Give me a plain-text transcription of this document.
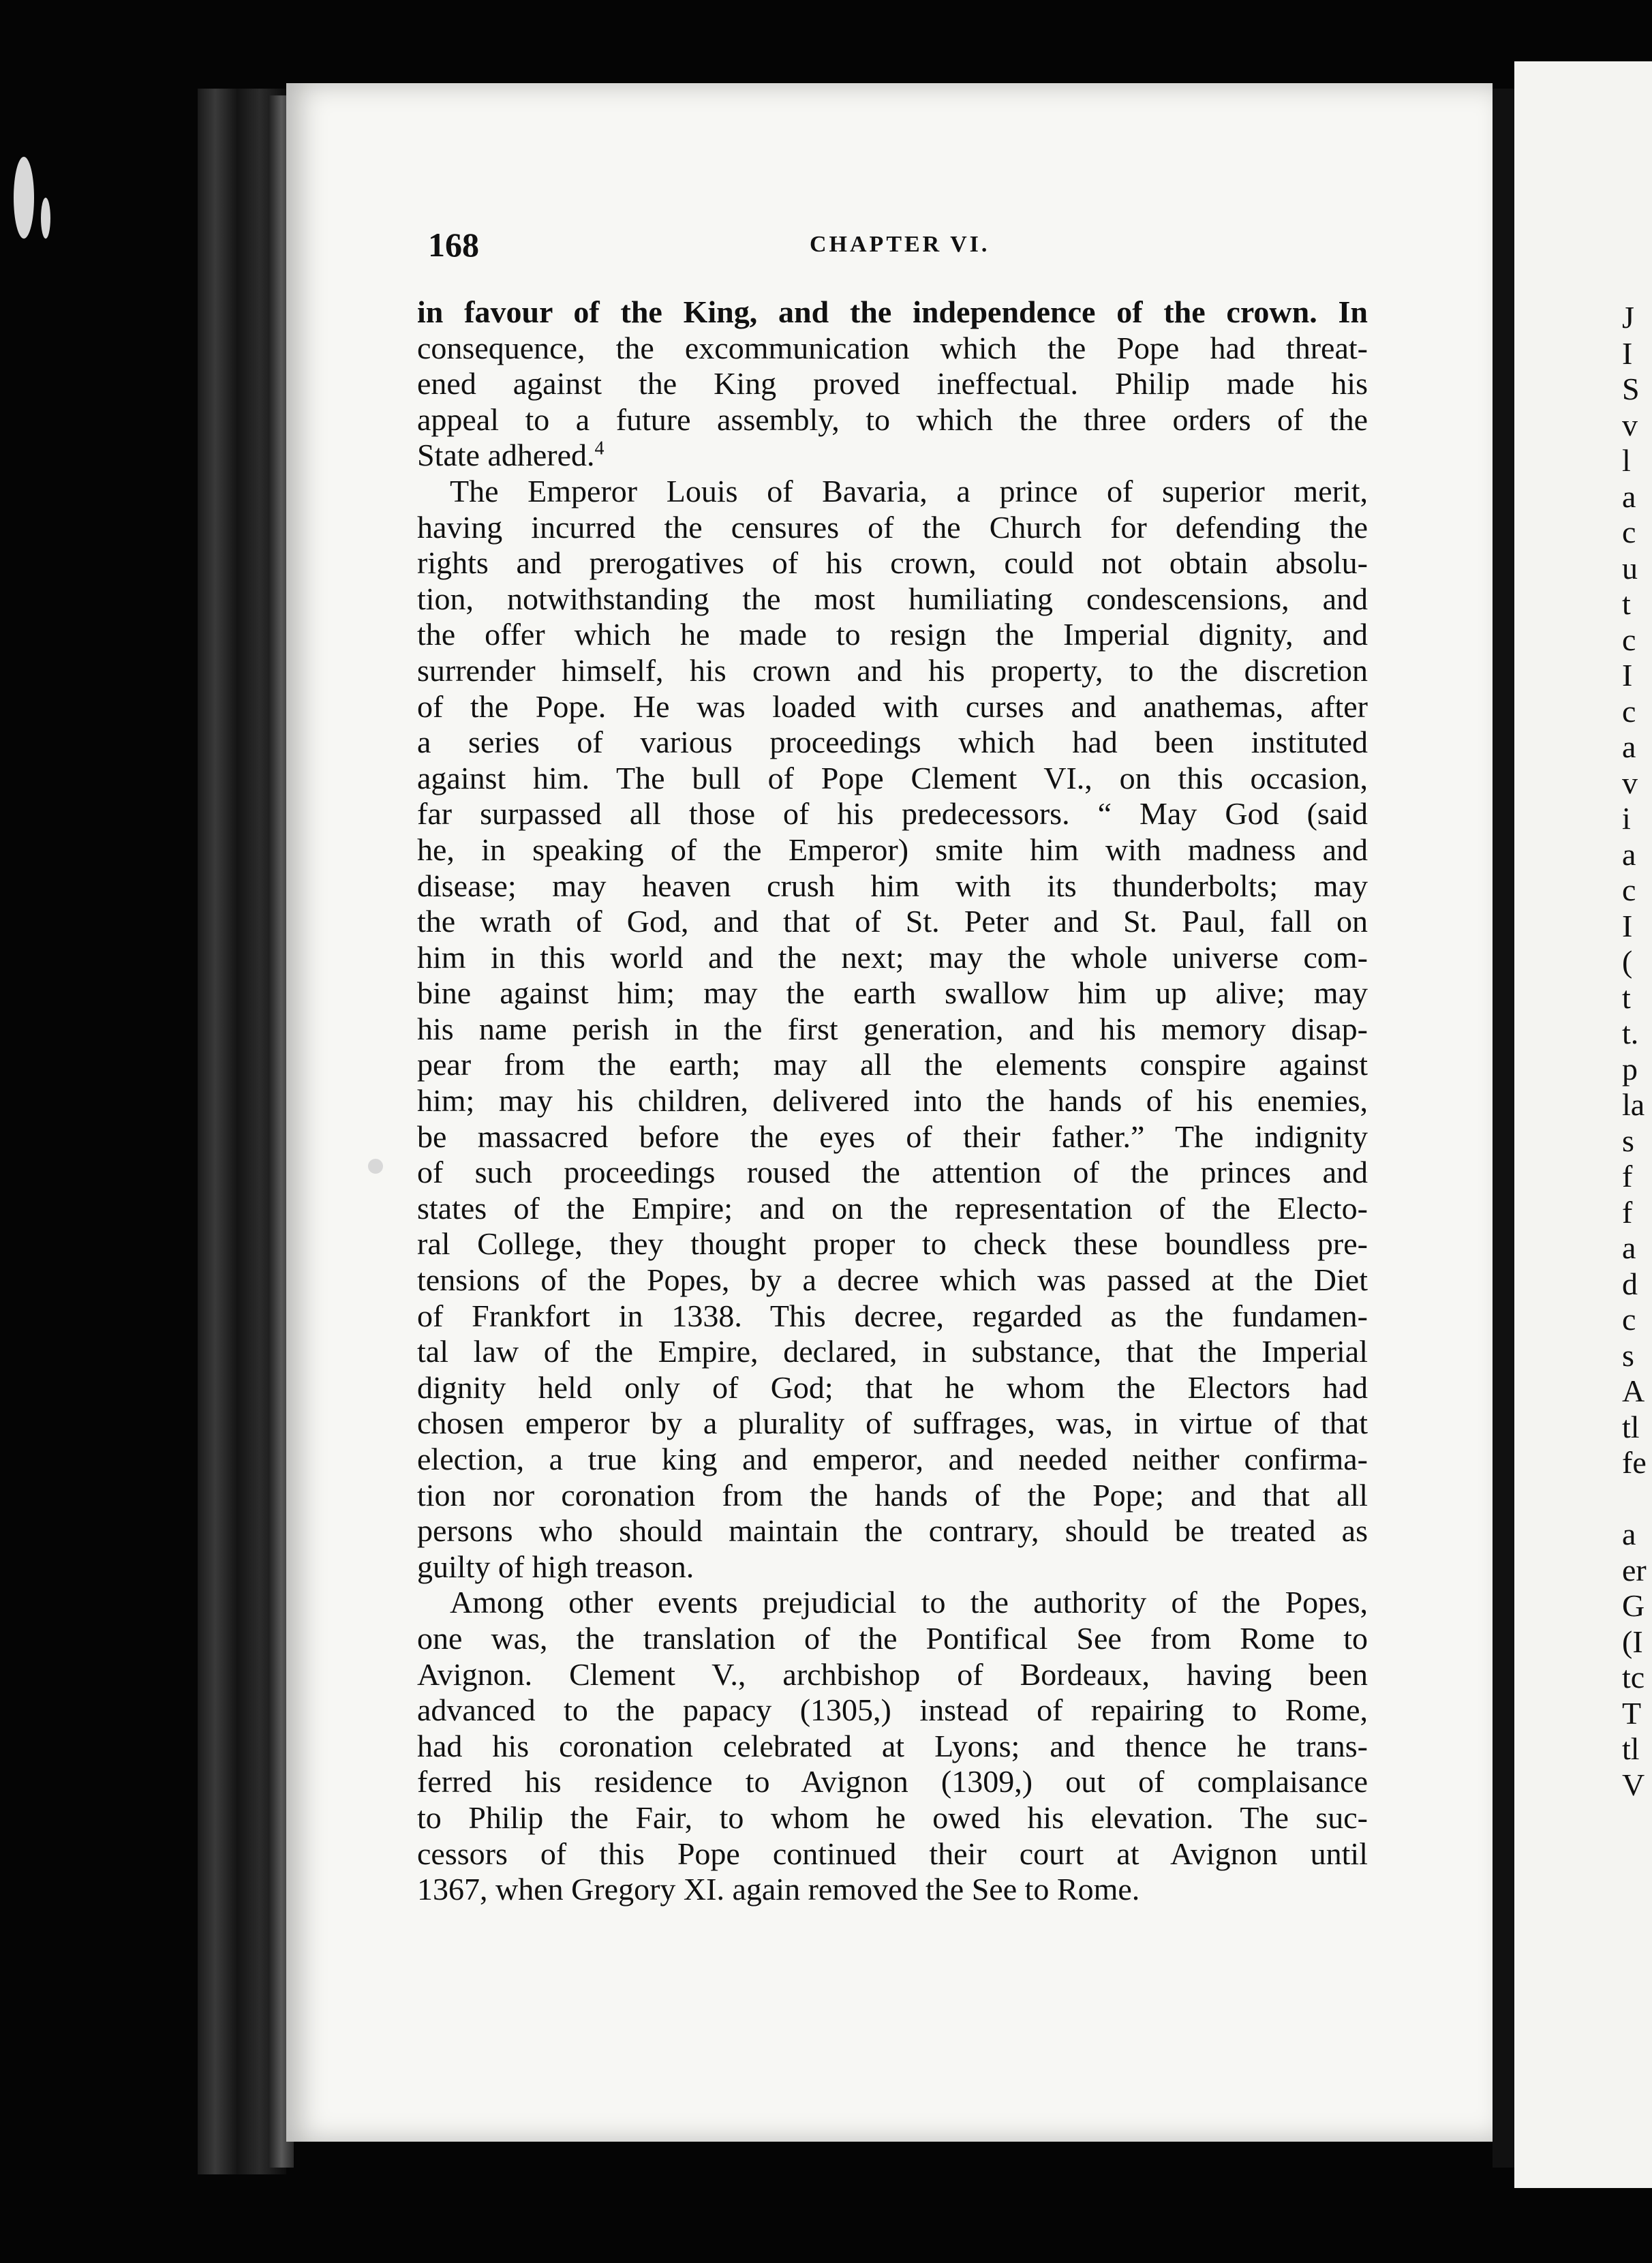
J
I
S
v
l
a
c
u
t
c
I
c
a
v
i
a
c
I
(
t
t.
p
la
s
f
f
a
d
c
s
A
tl
fe
a
er
G
(I
tc
T
tl
V
168	CHAPTER VI.
in favour of the King, and the independence of the crown. In
consequence, the excommunication which the Pope had threat-
ened against the King proved ineffectual. Philip made his
appeal to a future assembly, to which the three orders of the
State adhered.$^4$
The Emperor Louis of Bavaria, a prince of superior merit,
having incurred the censures of the Church for defending the
rights and prerogatives of his crown, could not obtain absolu-
tion, notwithstanding the most humiliating condescensions, and
the offer which he made to resign the Imperial dignity, and
surrender himself, his crown and his property, to the discretion
of the Pope. He was loaded with curses and anathemas, after
a series of various proceedings which had been instituted
against him. The bull of Pope Clement VI., on this occasion,
far surpassed all those of his predecessors. “ May God (said
he, in speaking of the Emperor) smite him with madness and
disease; may heaven crush him with its thunderbolts; may
the wrath of God, and that of St. Peter and St. Paul, fall on
him in this world and the next; may the whole universe com-
bine against him; may the earth swallow him up alive; may
his name perish in the first generation, and his memory disap-
pear from the earth; may all the elements conspire against
him; may his children, delivered into the hands of his enemies,
be massacred before the eyes of their father.” The indignity
of such proceedings roused the attention of the princes and
states of the Empire; and on the representation of the Electo-
ral College, they thought proper to check these boundless pre-
tensions of the Popes, by a decree which was passed at the Diet
of Frankfort in 1338. This decree, regarded as the fundamen-
tal law of the Empire, declared, in substance, that the Imperial
dignity held only of God; that he whom the Electors had
chosen emperor by a plurality of suffrages, was, in virtue of that
election, a true king and emperor, and needed neither confirma-
tion nor coronation from the hands of the Pope; and that all
persons who should maintain the contrary, should be treated as
guilty of high treason.
Among other events prejudicial to the authority of the Popes,
one was, the translation of the Pontifical See from Rome to
Avignon. Clement V., archbishop of Bordeaux, having been
advanced to the papacy (1305,) instead of repairing to Rome,
had his coronation celebrated at Lyons; and thence he trans-
ferred his residence to Avignon (1309,) out of complaisance
to Philip the Fair, to whom he owed his elevation. The suc-
cessors of this Pope continued their court at Avignon until
1367, when Gregory XI. again removed the See to Rome.
